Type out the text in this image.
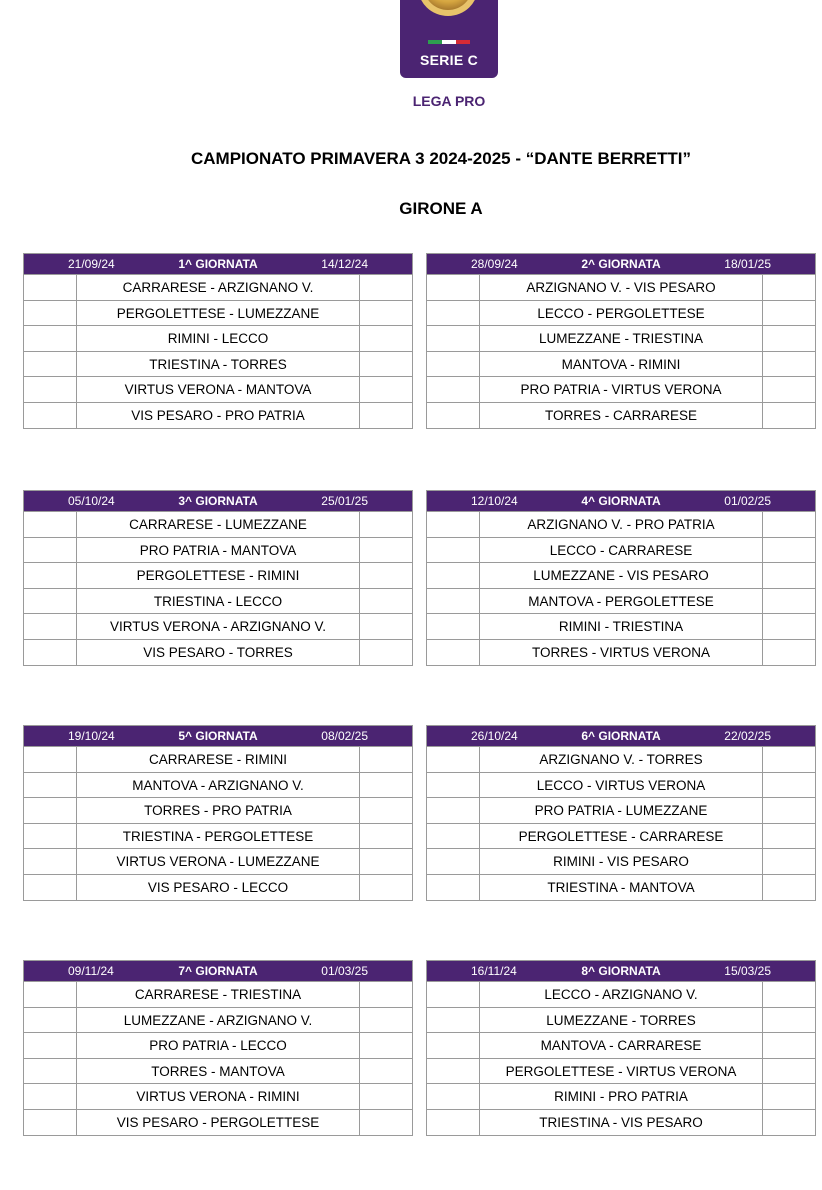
SERIE C
LEGA PRO
CAMPIONATO PRIMAVERA 3 2024-2025 - “DANTE BERRETTI”
GIRONE A
21/09/24	1^ GIORNATA	14/12/24
CARRARESE - ARZIGNANO V.
PERGOLETTESE - LUMEZZANE
RIMINI - LECCO
TRIESTINA - TORRES
VIRTUS VERONA - MANTOVA
VIS PESARO - PRO PATRIA
28/09/24	2^ GIORNATA	18/01/25
ARZIGNANO V. - VIS PESARO
LECCO - PERGOLETTESE
LUMEZZANE - TRIESTINA
MANTOVA - RIMINI
PRO PATRIA - VIRTUS VERONA
TORRES - CARRARESE
05/10/24	3^ GIORNATA	25/01/25
CARRARESE - LUMEZZANE
PRO PATRIA - MANTOVA
PERGOLETTESE - RIMINI
TRIESTINA - LECCO
VIRTUS VERONA - ARZIGNANO V.
VIS PESARO - TORRES
12/10/24	4^ GIORNATA	01/02/25
ARZIGNANO V. - PRO PATRIA
LECCO - CARRARESE
LUMEZZANE - VIS PESARO
MANTOVA - PERGOLETTESE
RIMINI - TRIESTINA
TORRES - VIRTUS VERONA
19/10/24	5^ GIORNATA	08/02/25
CARRARESE - RIMINI
MANTOVA - ARZIGNANO V.
TORRES - PRO PATRIA
TRIESTINA - PERGOLETTESE
VIRTUS VERONA - LUMEZZANE
VIS PESARO - LECCO
26/10/24	6^ GIORNATA	22/02/25
ARZIGNANO V. - TORRES
LECCO - VIRTUS VERONA
PRO PATRIA - LUMEZZANE
PERGOLETTESE - CARRARESE
RIMINI - VIS PESARO
TRIESTINA - MANTOVA
09/11/24	7^ GIORNATA	01/03/25
CARRARESE - TRIESTINA
LUMEZZANE - ARZIGNANO V.
PRO PATRIA - LECCO
TORRES - MANTOVA
VIRTUS VERONA - RIMINI
VIS PESARO - PERGOLETTESE
16/11/24	8^ GIORNATA	15/03/25
LECCO - ARZIGNANO V.
LUMEZZANE - TORRES
MANTOVA - CARRARESE
PERGOLETTESE - VIRTUS VERONA
RIMINI - PRO PATRIA
TRIESTINA - VIS PESARO
